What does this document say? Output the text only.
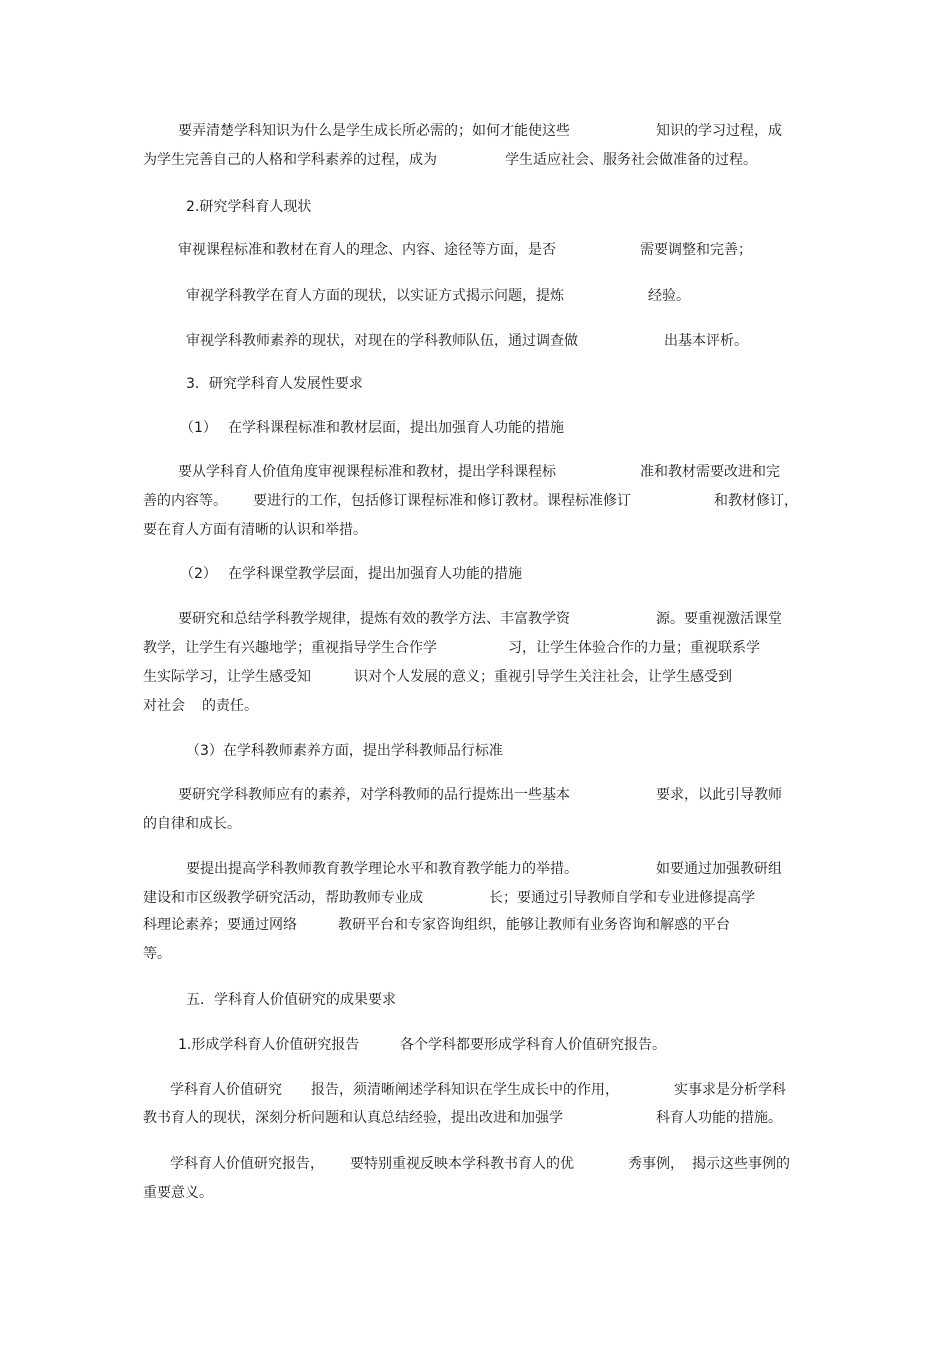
要弄清楚学科知识为什么是学生成长所必需的；如何才能使这些	知识的学习过程，成
为学生完善自己的人格和学科素养的过程，成为	学生适应社会、服务社会做准备的过程。
2.研究学科育人现状
审视课程标准和教材在育人的理念、内容、途径等方面，是否	需要调整和完善；
审视学科教学在育人方面的现状，以实证方式揭示问题，提炼	经验。
审视学科教师素养的现状，对现在的学科教师队伍，通过调查做	出基本评析。
3．研究学科育人发展性要求
（1） 在学科课程标准和教材层面，提出加强育人功能的措施
要从学科育人价值角度审视课程标准和教材，提出学科课程标	准和教材需要改进和完
善的内容等。 要进行的工作，包括修订课程标准和修订教材。课程标准修订	和教材修订，
要在育人方面有清晰的认识和举措。
（2） 在学科课堂教学层面，提出加强育人功能的措施
要研究和总结学科教学规律，提炼有效的教学方法、丰富教学资	源。要重视激活课堂
教学，让学生有兴趣地学；重视指导学生合作学	习，让学生体验合作的力量；重视联系学
生实际学习，让学生感受知	识对个人发展的意义；重视引导学生关注社会，让学生感受到
对社会 的责任。
（3）在学科教师素养方面，提出学科教师品行标准
要研究学科教师应有的素养，对学科教师的品行提炼出一些基本	要求，以此引导教师
的自律和成长。
要提出提高学科教师教育教学理论水平和教育教学能力的举措。	如要通过加强教研组
建设和市区级教学研究活动，帮助教师专业成	长；要通过引导教师自学和专业进修提高学
科理论素养；要通过网络	教研平台和专家咨询组织，能够让教师有业务咨询和解惑的平台
等。
五．学科育人价值研究的成果要求
1.形成学科育人价值研究报告	各个学科都要形成学科育人价值研究报告。
学科育人价值研究 报告，须清晰阐述学科知识在学生成长中的作用，	实事求是分析学科
教书育人的现状，深刻分析问题和认真总结经验，提出改进和加强学	科育人功能的措施。
学科育人价值研究报告， 要特别重视反映本学科教书育人的优	秀事例， 揭示这些事例的
重要意义。
